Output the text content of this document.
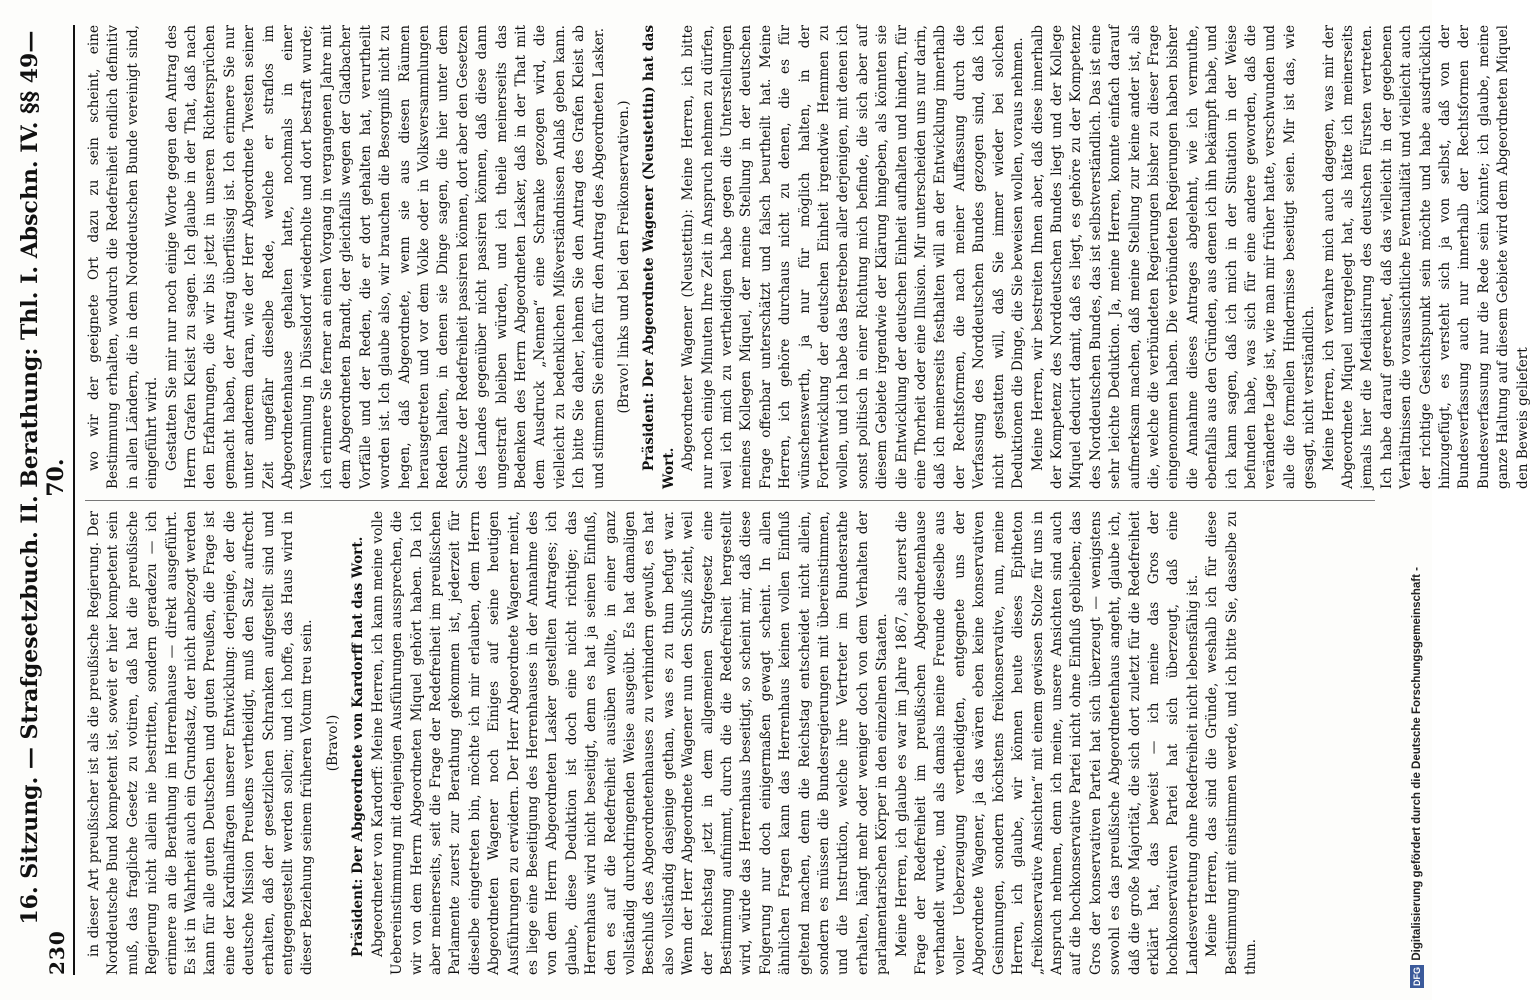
230
16. Sitzung. — Strafgesetzbuch. II. Berathung: Thl. I. Abschn. IV. §§ 49—70.

in dieser Art preußischer ist als die preußische Regierung. Der Norddeutsche Bund kompetent ist, soweit er hier kompetent sein muß, das fragliche Gesetz zu votiren, daß hat die preußische Regierung nicht allein nie bestritten, sondern geradezu — ich erinnere an die Berathung im Herrenhause — direkt ausgeführt. Es ist in Wahrheit auch ein Grundsatz, der nicht anbezogt werden kann für alle guten Deutschen und guten Preußen, die Frage ist eine der Kardinalfragen unserer Entwicklung: derjenige, der die deutsche Mission Preußens vertheidigt, muß den Satz aufrecht erhalten, daß der gesetzlichen Schranken aufgestellt sind und entgegengestellt werden sollen; und ich hoffe, das Haus wird in dieser Beziehung seinem früheren Votum treu sein. (Bravo!) Präsident: Der Abgeordnete von Kardorff hat das Wort. Abgeordneter von Kardorff: Meine Herren, ich kann meine volle Uebereinstimmung mit denjenigen Ausführungen aussprechen, die wir von dem Herrn Abgeordneten Miquel gehört haben. Da ich aber meinerseits, seit die Frage der Redefreiheit im preußischen Parlamente zuerst zur Berathung gekommen ist, jederzeit für dieselbe eingetreten bin, möchte ich mir erlauben, dem Herrn Abgeordneten Wagener noch Einiges auf seine heutigen Ausführungen zu erwidern. Der Herr Abgeordnete Wagener meint, es liege eine Beseitigung des Herrenhauses in der Annahme des von dem Herrn Abgeordneten Lasker gestellten Antrages; ich glaube, diese Deduktion ist doch eine nicht richtige; das Herrenhaus wird nicht beseitigt, denn es hat ja seinen Einfluß, den es auf die Redefreiheit ausüben wollte, in einer ganz vollständig durchdringenden Weise ausgeübt. Es hat damaligen Beschluß des Abgeordnetenhauses zu verhindern gewußt, es hat also vollständig dasjenige gethan, was es zu thun befugt war. Wenn der Herr Abgeordnete Wagener nun den Schluß zieht, weil der Reichstag jetzt in dem allgemeinen Strafgesetz eine Bestimmung aufnimmt, durch die die Redefreiheit hergestellt wird, würde das Herrenhaus beseitigt, so scheint mir, daß diese Folgerung nur doch einigermaßen gewagt scheint. In allen ähnlichen Fragen kann das Herrenhaus keinen vollen Einfluß geltend machen, denn die Reichstag entscheidet nicht allein, sondern es müssen die Bundesregierungen mit übereinstimmen, und die Instruktion, welche ihre Vertreter im Bundesrathe erhalten, hängt mehr oder weniger doch von dem Verhalten der parlamentarischen Körper in den einzelnen Staaten. Meine Herren, ich glaube es war im Jahre 1867, als zuerst die Frage der Redefreiheit im preußischen Abgeordnetenhause verhandelt wurde, und als damals meine Freunde dieselbe aus voller Ueberzeugung vertheidigten, entgegnete uns der Abgeordnete Wagener, ja das wären eben keine konservativen Gesinnungen, sondern höchstens freikonservative, nun, meine Herren, ich glaube, wir können heute dieses Epitheton „freikonservative Ansichten“ mit einem gewissen Stolze für uns in Anspruch nehmen, denn ich meine, unsere Ansichten sind auch auf die hochkonservative Partei nicht ohne Einfluß geblieben; das Gros der konservativen Partei hat sich überzeugt — wenigstens sowohl es das preußische Abgeordnetenhaus angeht, glaube ich, daß die große Majorität, die sich dort zuletzt für die Redefreiheit erklärt hat, das beweist — ich meine das Gros der hochkonservativen Partei hat sich überzeugt, daß eine Landesvertretung ohne Redefreiheit nicht lebensfähig ist. Meine Herren, das sind die Gründe, weshalb ich für diese Bestimmung mit einstimmen werde, und ich bitte Sie, dasselbe zu thun.

wo wir der geeignete Ort dazu zu sein scheint, eine Bestimmung erhalten, wodurch die Redefreiheit endlich definitiv in allen Ländern, die in dem Norddeutschen Bunde vereinigt sind, eingeführt wird. Gestatten Sie mir nur noch einige Worte gegen den Antrag des Herrn Grafen Kleist zu sagen. Ich glaube in der That, daß nach den Erfahrungen, die wir bis jetzt in unseren Richtersprüchen gemacht haben, der Antrag überflüssig ist. Ich erinnere Sie nur unter anderem daran, wie der Herr Abgeordnete Twesten seiner Zeit ungefähr dieselbe Rede, welche er straflos im Abgeordnetenhause gehalten hatte, nochmals in einer Versammlung in Düsseldorf wiederholte und dort bestraft wurde; ich erinnere Sie ferner an einen Vorgang in vergangenen Jahre mit dem Abgeordneten Brandt, der gleichfalls wegen der Gladbacher Vorfälle und der Reden, die er dort gehalten hat, verurtheilt worden ist. Ich glaube also, wir brauchen die Besorgniß nicht zu hegen, daß Abgeordnete, wenn sie aus diesen Räumen herausgetreten und vor dem Volke oder in Volksversammlungen Reden halten, in denen sie Dinge sagen, die hier unter dem Schutze der Redefreiheit passiren können, dort aber den Gesetzen des Landes gegenüber nicht passiren können, daß diese dann ungestraft bleiben würden, und ich theile meinerseits das Bedenken des Herrn Abgeordneten Lasker, daß in der That mit dem Ausdruck „Nennen“ eine Schranke gezogen wird, die vielleicht zu bedenklichen Mißverständnissen Anlaß geben kann. Ich bitte Sie daher, lehnen Sie den Antrag des Grafen Kleist ab und stimmen Sie einfach für den Antrag des Abgeordneten Lasker. (Bravo! links und bei den Freikonservativen.) Präsident: Der Abgeordnete Wagener (Neustettin) hat das Wort. Abgeordneter Wagener (Neustettin): Meine Herren, ich bitte nur noch einige Minuten Ihre Zeit in Anspruch nehmen zu dürfen, weil ich mich zu vertheidigen habe gegen die Unterstellungen meines Kollegen Miquel, der meine Stellung in der deutschen Frage offenbar unterschätzt und falsch beurtheilt hat. Meine Herren, ich gehöre durchaus nicht zu denen, die es für wünschenswerth, ja nur für möglich halten, in der Fortentwicklung der deutschen Einheit irgendwie Hemmen zu wollen, und ich habe das Bestreben aller derjenigen, mit denen ich sonst politisch in einer Richtung mich befinde, die sich aber auf diesem Gebiete irgendwie der Klärung hingeben, als könnten sie die Entwicklung der deutschen Einheit aufhalten und hindern, für eine Thorheit oder eine Illusion. Mir unterscheiden uns nur darin, daß ich meinerseits festhalten will an der Entwicklung innerhalb der Rechtsformen, die nach meiner Auffassung durch die Verfassung des Norddeutschen Bundes gezogen sind, daß ich nicht gestatten will, daß Sie immer wieder bei solchen Deduktionen die Dinge, die Sie beweisen wollen, voraus nehmen. Meine Herren, wir bestreiten Ihnen aber, daß diese innerhalb der Kompetenz des Norddeutschen Bundes liegt und der Kollege Miquel deducirt damit, daß es liegt, es gehöre zu der Kompetenz des Norddeutschen Bundes, das ist selbstverständlich. Das ist eine sehr leichte Deduktion. Ja, meine Herren, konnte einfach darauf aufmerksam machen, daß meine Stellung zur keine ander ist, als die, welche die verbündeten Regierungen bisher zu dieser Frage eingenommen haben. Die verbündeten Regierungen haben bisher die Annahme dieses Antrages abgelehnt, wie ich vermuthe, ebenfalls aus den Gründen, aus denen ich ihn bekämpft habe, und ich kann sagen, daß ich mich in der Situation in der Weise befunden habe, was sich für eine andere geworden, daß die veränderte Lage ist, wie man mir früher hatte, verschwunden und alle die formellen Hindernisse beseitigt seien. Mir ist das, wie gesagt, nicht verständlich. Meine Herren, ich verwahre mich auch dagegen, was mir der Abgeordnete Miquel untergelegt hat, als hätte ich meinerseits jemals hier die Mediatisirung des deutschen Fürsten vertreten. Ich habe darauf gerechnet, daß das vielleicht in der gegebenen Verhältnissen die voraussichtliche Eventualität und vielleicht auch der richtige Gesichtspunkt sein möchte und habe ausdrücklich hinzugefügt, es versteht sich ja von selbst, daß von der Bundesverfassung auch nur innerhalb der Rechtsformen der Bundesverfassung nur die Rede sein könnte; ich glaube, meine ganze Haltung auf diesem Gebiete wird dem Abgeordneten Miquel den Beweis geliefert

Digitalisierung gefördert durch die Deutsche Forschungsgemeinschaft -
DFG
